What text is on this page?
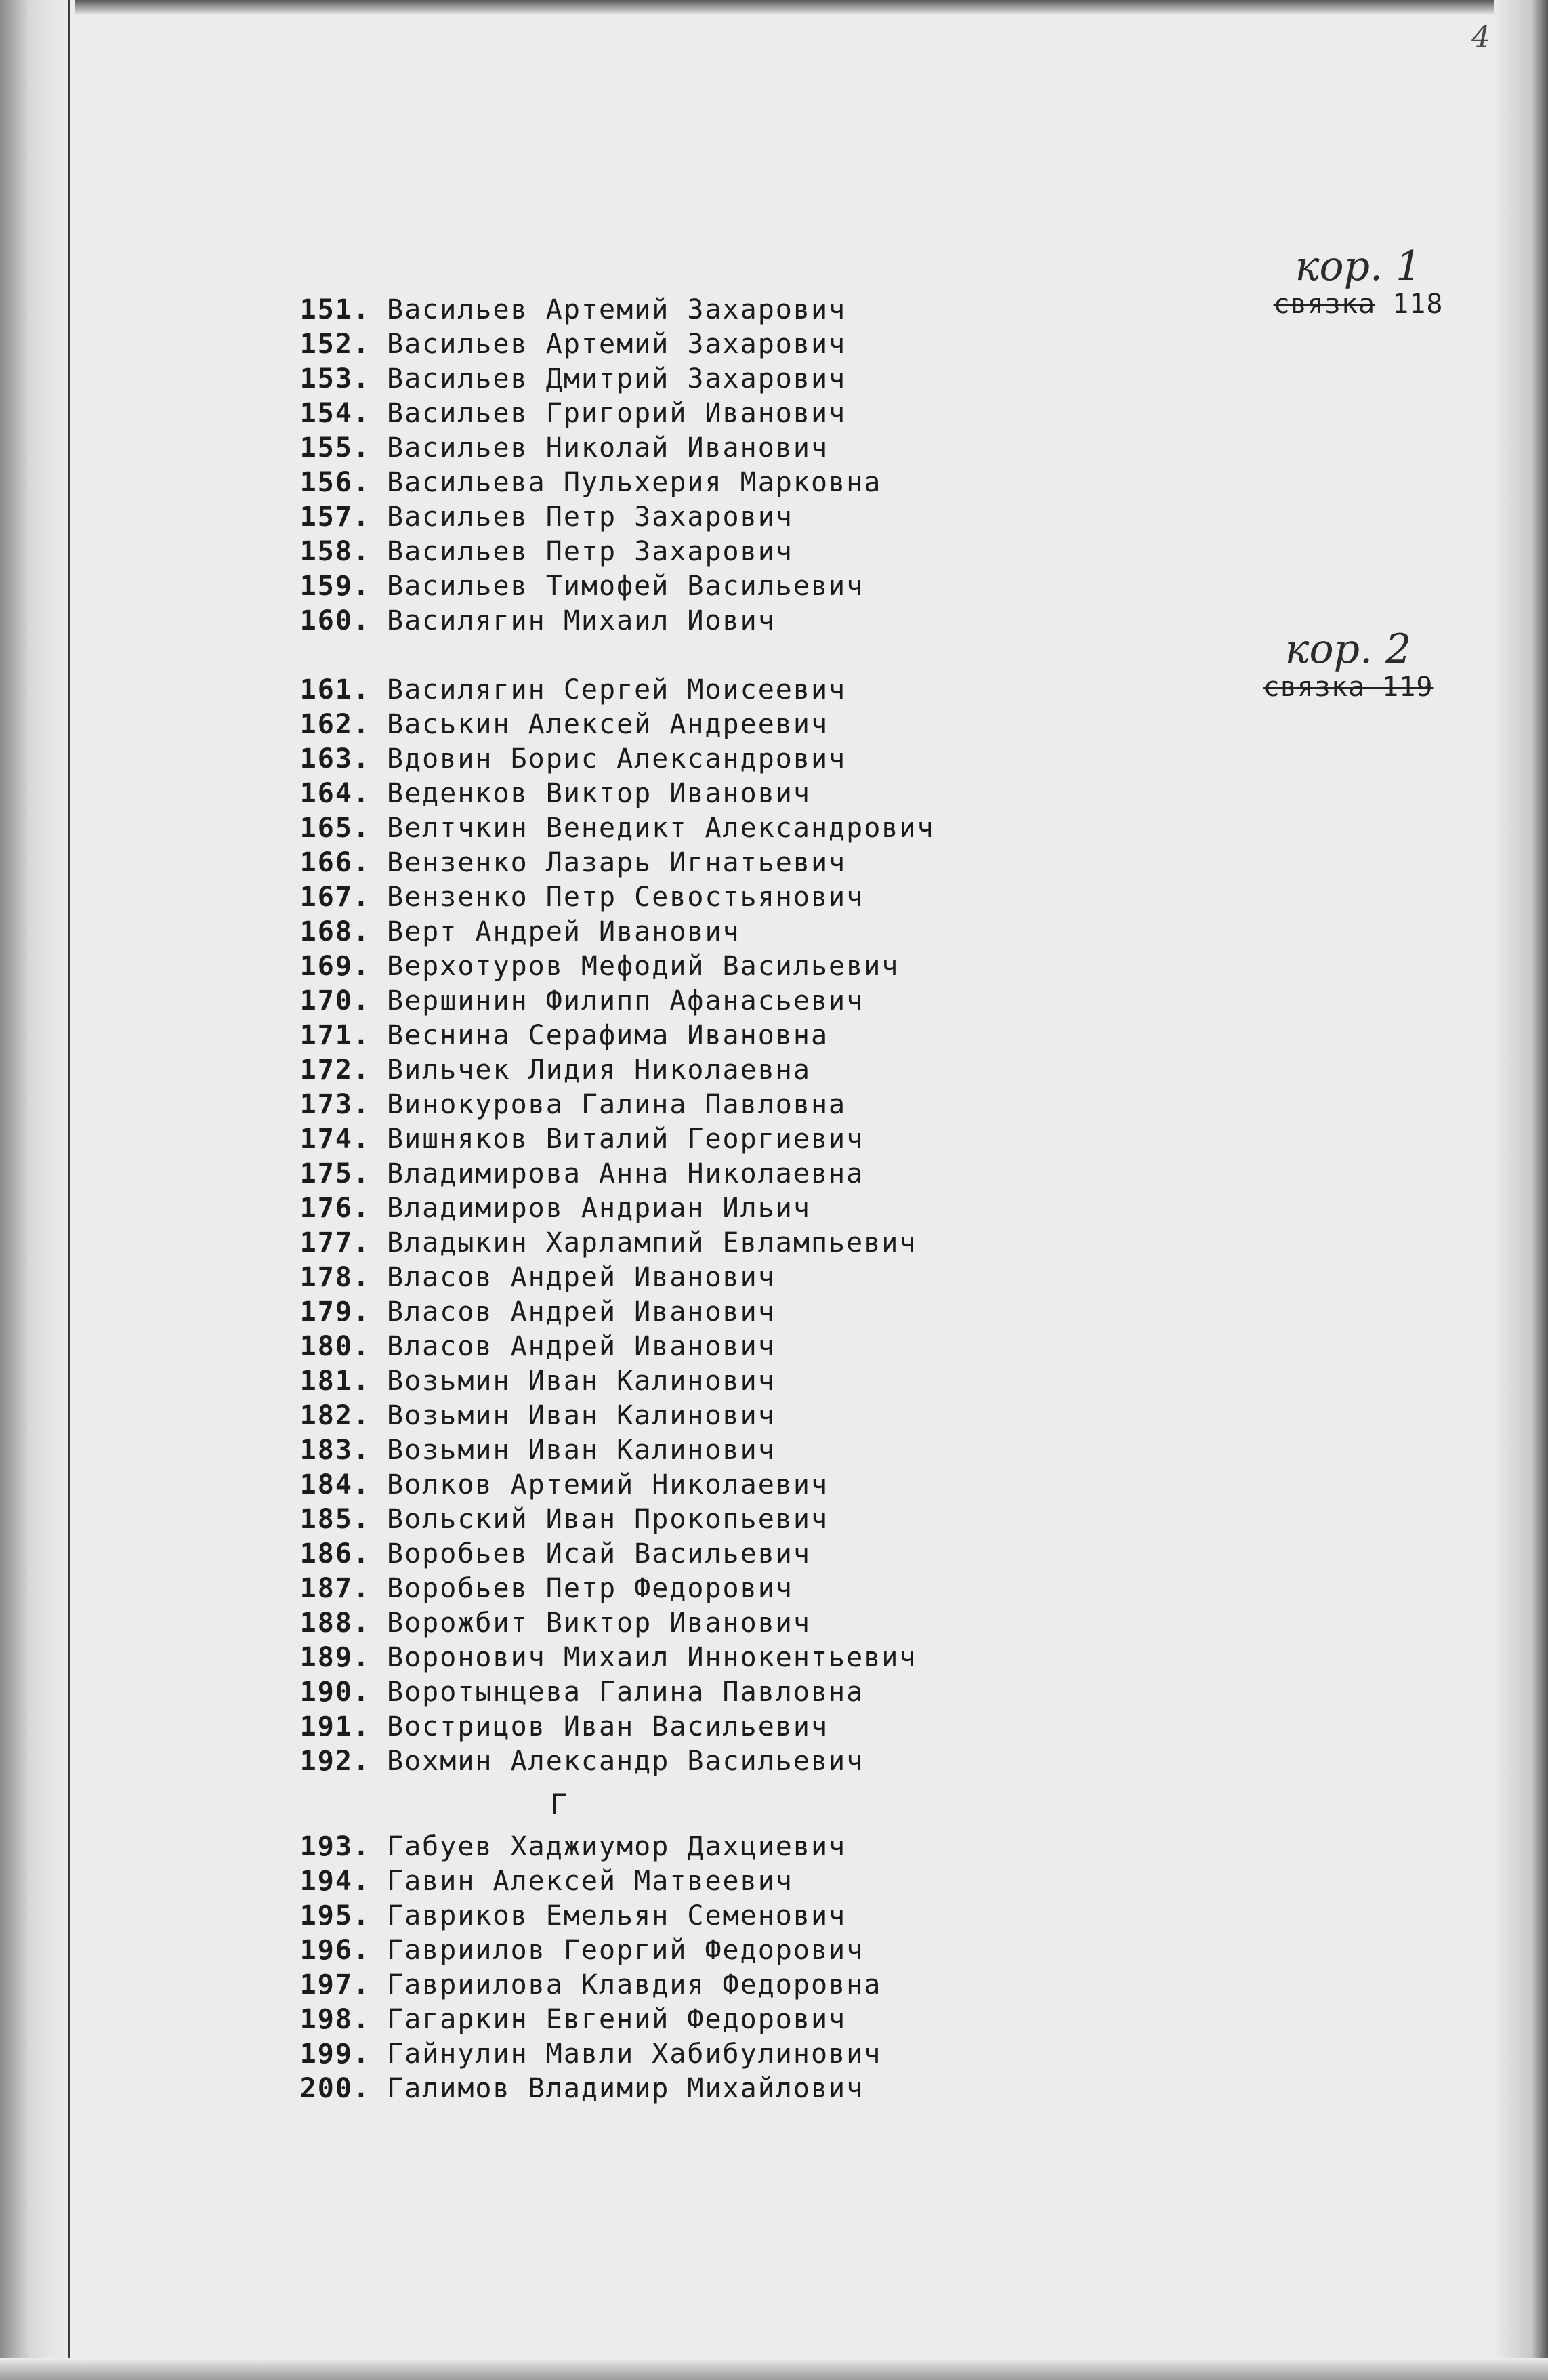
4
кор. 1
связка 118
кор. 2
связка 119
151. Васильев Артемий Захарович
152. Васильев Артемий Захарович
153. Васильев Дмитрий Захарович
154. Васильев Григорий Иванович
155. Васильев Николай Иванович
156. Васильева Пульхерия Марковна
157. Васильев Петр Захарович
158. Васильев Петр Захарович
159. Васильев Тимофей Васильевич
160. Василягин Михаил Иович
161. Василягин Сергей Моисеевич
162. Васькин Алексей Андреевич
163. Вдовин Борис Александрович
164. Веденков Виктор Иванович
165. Велтчкин Венедикт Александрович
166. Вензенко Лазарь Игнатьевич
167. Вензенко Петр Севостьянович
168. Верт Андрей Иванович
169. Верхотуров Мефодий Васильевич
170. Вершинин Филипп Афанасьевич
171. Веснина Серафима Ивановна
172. Вильчек Лидия Николаевна
173. Винокурова Галина Павловна
174. Вишняков Виталий Георгиевич
175. Владимирова Анна Николаевна
176. Владимиров Андриан Ильич
177. Владыкин Харлампий Евлампьевич
178. Власов Андрей Иванович
179. Власов Андрей Иванович
180. Власов Андрей Иванович
181. Возьмин Иван Калинович
182. Возьмин Иван Калинович
183. Возьмин Иван Калинович
184. Волков Артемий Николаевич
185. Вольский Иван Прокопьевич
186. Воробьев Исай Васильевич
187. Воробьев Петр Федорович
188. Ворожбит Виктор Иванович
189. Воронович Михаил Иннокентьевич
190. Воротынцева Галина Павловна
191. Вострицов Иван Васильевич
192. Вохмин Александр Васильевич
Г
193. Габуев Хаджиумор Дахциевич
194. Гавин Алексей Матвеевич
195. Гавриков Емельян Семенович
196. Гавриилов Георгий Федорович
197. Гавриилова Клавдия Федоровна
198. Гагаркин Евгений Федорович
199. Гайнулин Мавли Хабибулинович
200. Галимов Владимир Михайлович
